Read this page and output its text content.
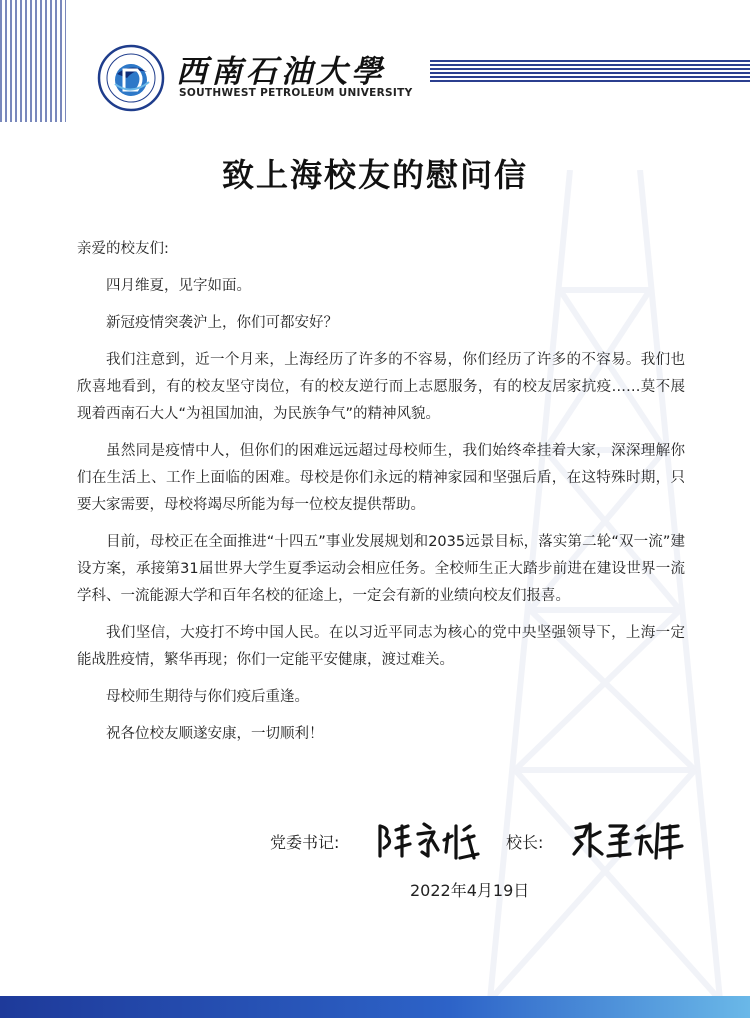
西南石油大學
SOUTHWEST PETROLEUM UNIVERSITY
致上海校友的慰问信

亲爱的校友们:

四月维夏，见字如面。

新冠疫情突袭沪上，你们可都安好？

我们注意到，近一个月来，上海经历了许多的不容易，你们经历了许多的不容易。我们也欣喜地看到，有的校友坚守岗位，有的校友逆行而上志愿服务，有的校友居家抗疫……莫不展现着西南石大人“为祖国加油，为民族争气”的精神风貌。

虽然同是疫情中人，但你们的困难远远超过母校师生，我们始终牵挂着大家，深深理解你们在生活上、工作上面临的困难。母校是你们永远的精神家园和坚强后盾，在这特殊时期，只要大家需要，母校将竭尽所能为每一位校友提供帮助。

目前，母校正在全面推进“十四五”事业发展规划和2035远景目标，落实第二轮“双一流”建设方案，承接第31届世界大学生夏季运动会相应任务。全校师生正大踏步前进在建设世界一流学科、一流能源大学和百年名校的征途上，一定会有新的业绩向校友们报喜。

我们坚信，大疫打不垮中国人民。在以习近平同志为核心的党中央坚强领导下，上海一定能战胜疫情，繁华再现；你们一定能平安健康，渡过难关。

母校师生期待与你们疫后重逢。

祝各位校友顺遂安康，一切顺利！

党委书记:	校长:
2022年4月19日
